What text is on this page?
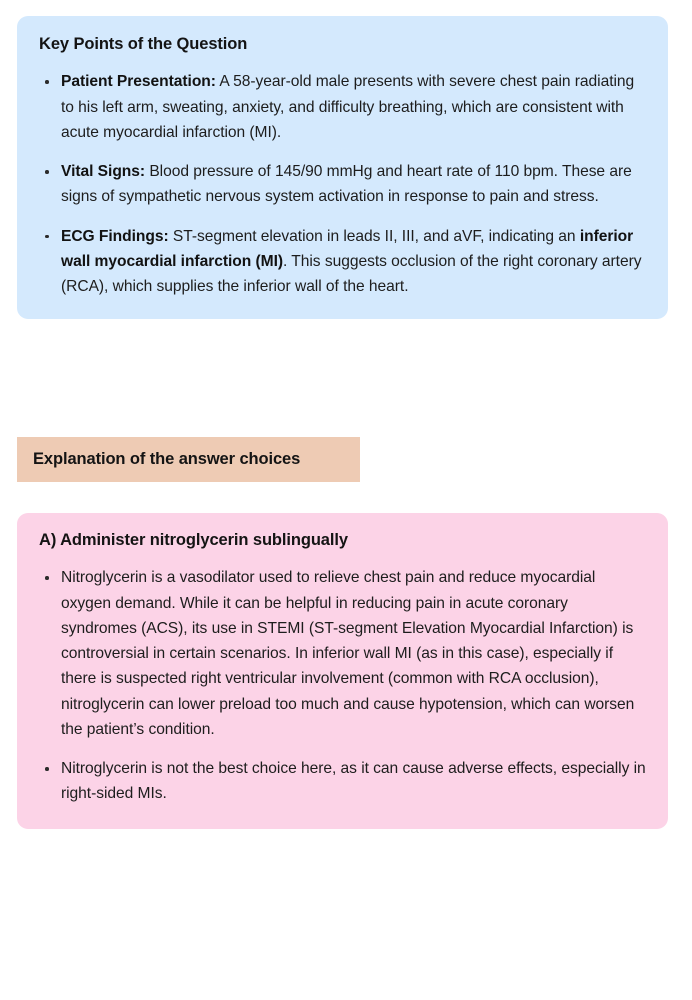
Key Points of the Question
Patient Presentation: A 58-year-old male presents with severe chest pain radiating to his left arm, sweating, anxiety, and difficulty breathing, which are consistent with acute myocardial infarction (MI).
Vital Signs: Blood pressure of 145/90 mmHg and heart rate of 110 bpm. These are signs of sympathetic nervous system activation in response to pain and stress.
ECG Findings: ST-segment elevation in leads II, III, and aVF, indicating an inferior wall myocardial infarction (MI). This suggests occlusion of the right coronary artery (RCA), which supplies the inferior wall of the heart.
Explanation of the answer choices
A) Administer nitroglycerin sublingually
Nitroglycerin is a vasodilator used to relieve chest pain and reduce myocardial oxygen demand. While it can be helpful in reducing pain in acute coronary syndromes (ACS), its use in STEMI (ST-segment Elevation Myocardial Infarction) is controversial in certain scenarios. In inferior wall MI (as in this case), especially if there is suspected right ventricular involvement (common with RCA occlusion), nitroglycerin can lower preload too much and cause hypotension, which can worsen the patient’s condition.
Nitroglycerin is not the best choice here, as it can cause adverse effects, especially in right-sided MIs.
